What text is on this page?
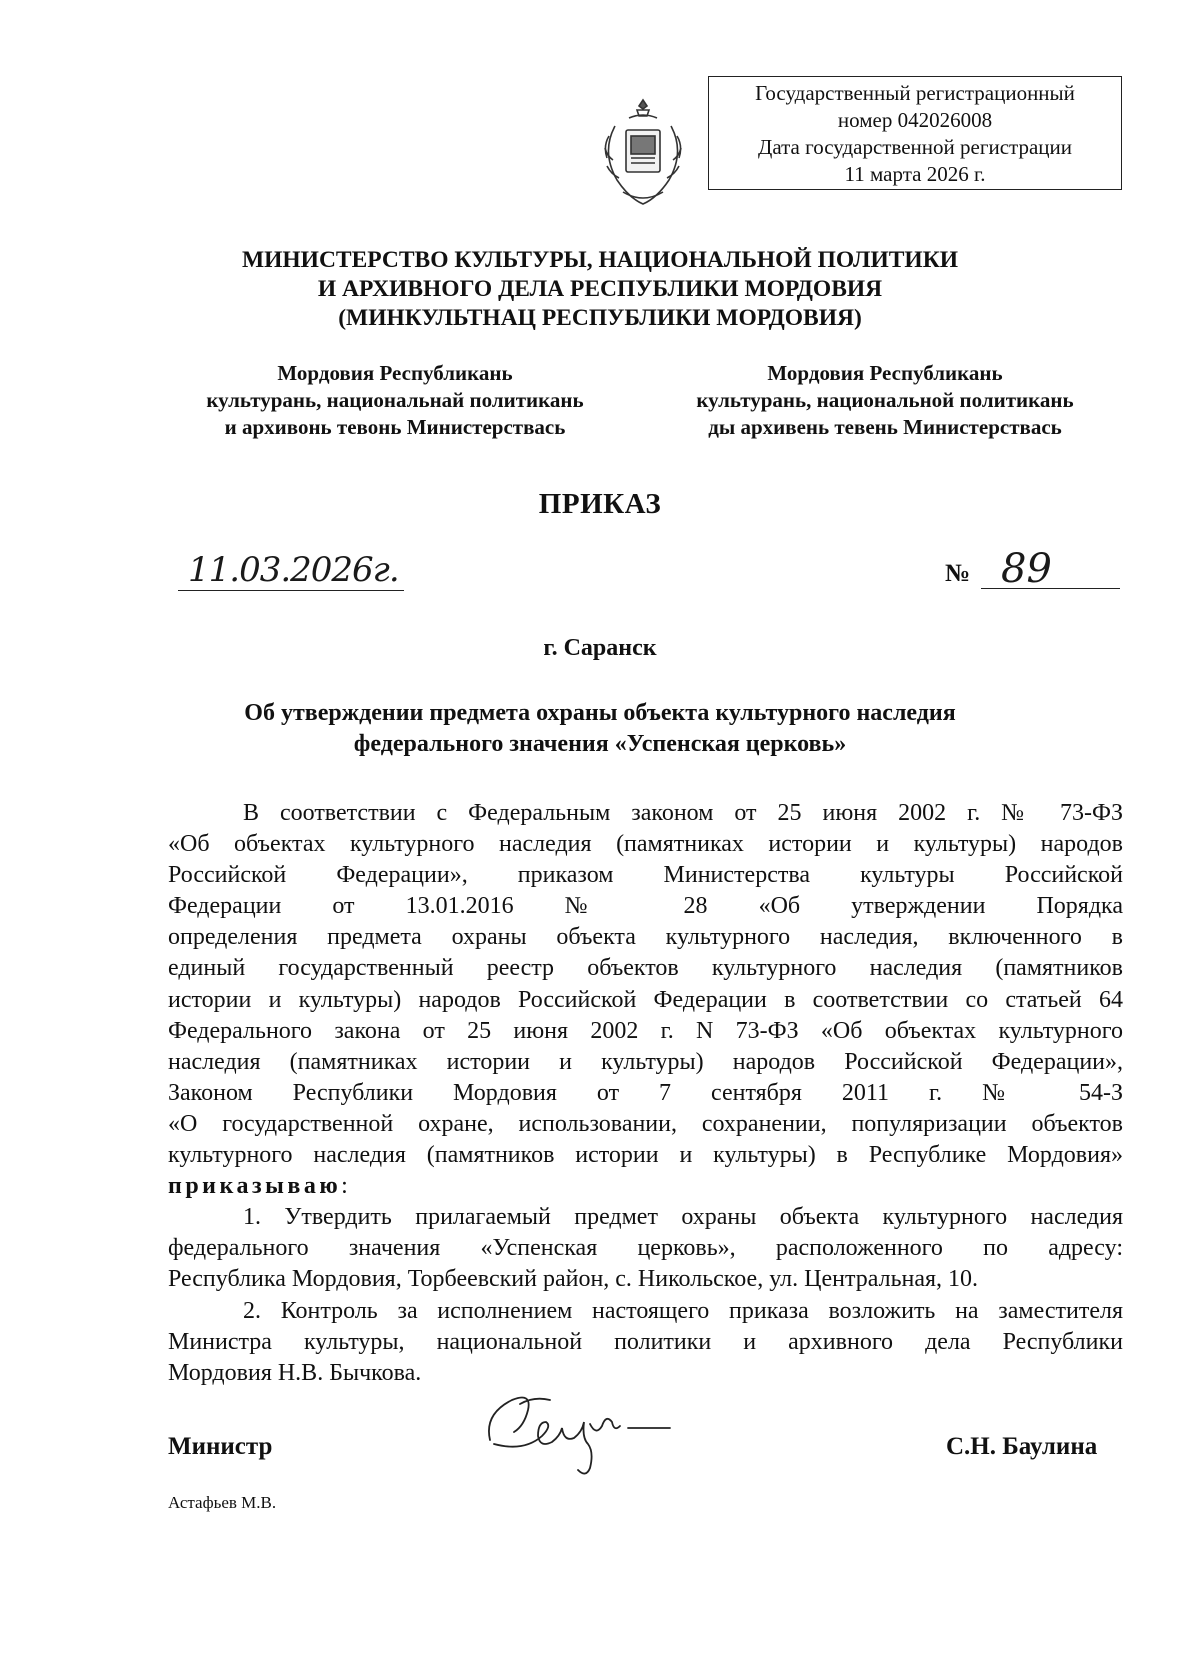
Государственный регистрационный
номер 042026008
Дата государственной регистрации
11 марта 2026 г.
МИНИСТЕРСТВО КУЛЬТУРЫ, НАЦИОНАЛЬНОЙ ПОЛИТИКИ
И АРХИВНОГО ДЕЛА РЕСПУБЛИКИ МОРДОВИЯ
(МИНКУЛЬТНАЦ РЕСПУБЛИКИ МОРДОВИЯ)
Мордовия Республикань
культурань, национальнай политикань
и архивонь тевонь Министерствась
Мордовия Республикань
культурань, национальной политикань
ды архивень тевень Министерствась
ПРИКАЗ
11.03.2026г.	№ 89
г. Саранск
Об утверждении предмета охраны объекта культурного наследия
федерального значения «Успенская церковь»
В соответствии с Федеральным законом от 25 июня 2002 г. № 73-ФЗ
«Об объектах культурного наследия (памятниках истории и культуры) народов
Российской Федерации», приказом Министерства культуры Российской
Федерации от 13.01.2016 № 28 «Об утверждении Порядка
определения предмета охраны объекта культурного наследия, включенного в
единый государственный реестр объектов культурного наследия (памятников
истории и культуры) народов Российской Федерации в соответствии со статьей 64
Федерального закона от 25 июня 2002 г. N 73-ФЗ «Об объектах культурного
наследия (памятниках истории и культуры) народов Российской Федерации»,
Законом Республики Мордовия от 7 сентября 2011 г. № 54-З
«О государственной охране, использовании, сохранении, популяризации объектов
культурного наследия (памятников истории и культуры) в Республике Мордовия»
приказываю:
1. Утвердить прилагаемый предмет охраны объекта культурного наследия
федерального значения «Успенская церковь», расположенного по адресу:
Республика Мордовия, Торбеевский район, с. Никольское, ул. Центральная, 10.
2. Контроль за исполнением настоящего приказа возложить на заместителя
Министра культуры, национальной политики и архивного дела Республики
Мордовия Н.В. Бычкова.
Министр	С.Н. Баулина
Астафьев М.В.
